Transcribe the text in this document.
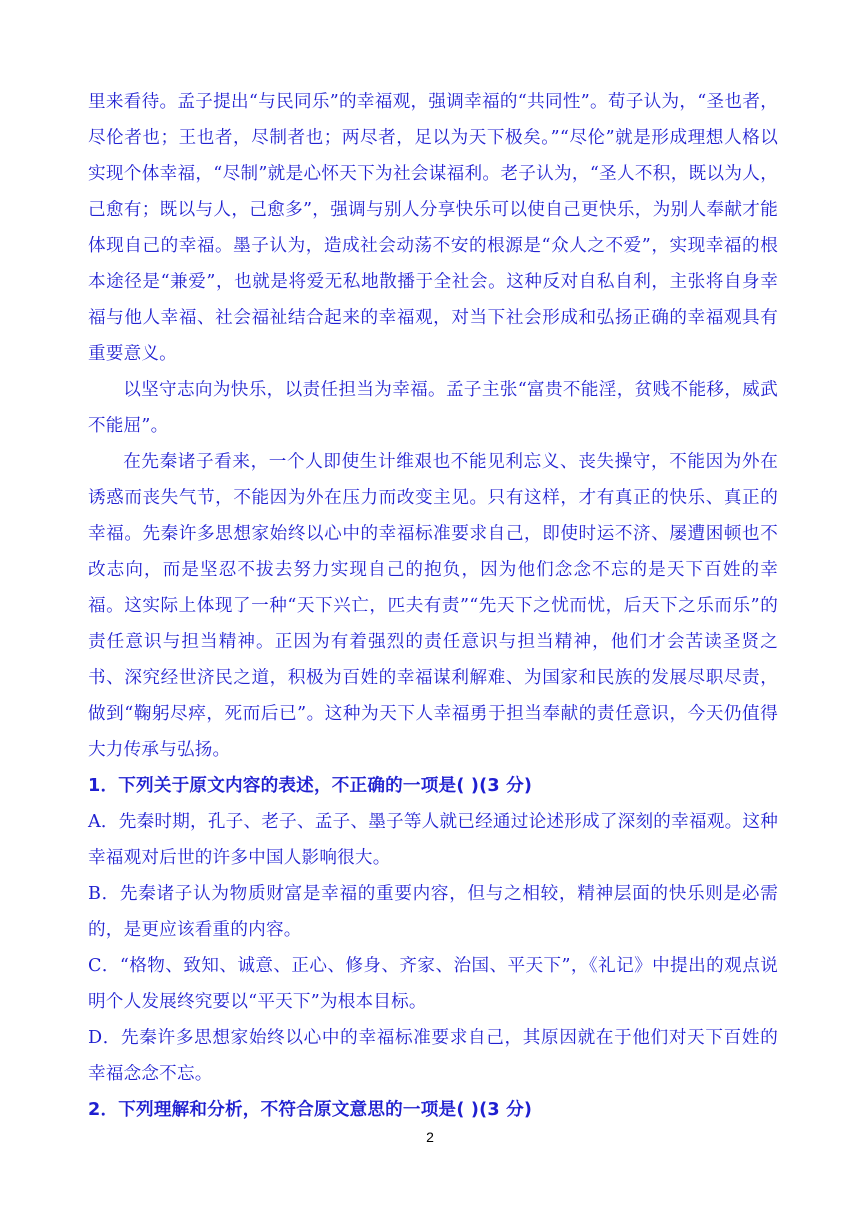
里来看待。孟子提出“与民同乐”的幸福观，强调幸福的“共同性”。荀子认为，“圣也者，尽伦者也；王也者，尽制者也；两尽者，足以为天下极矣。”“尽伦”就是形成理想人格以实现个体幸福，“尽制”就是心怀天下为社会谋福利。老子认为，“圣人不积，既以为人，己愈有；既以与人，己愈多”，强调与别人分享快乐可以使自己更快乐，为别人奉献才能体现自己的幸福。墨子认为，造成社会动荡不安的根源是“众人之不爱”，实现幸福的根本途径是“兼爱”，也就是将爱无私地散播于全社会。这种反对自私自利，主张将自身幸福与他人幸福、社会福祉结合起来的幸福观，对当下社会形成和弘扬正确的幸福观具有重要意义。

以坚守志向为快乐，以责任担当为幸福。孟子主张“富贵不能淫，贫贱不能移，威武不能屈”。

在先秦诸子看来，一个人即使生计维艰也不能见利忘义、丧失操守，不能因为外在诱惑而丧失气节，不能因为外在压力而改变主见。只有这样，才有真正的快乐、真正的幸福。先秦许多思想家始终以心中的幸福标准要求自己，即使时运不济、屡遭困顿也不改志向，而是坚忍不拔去努力实现自己的抱负，因为他们念念不忘的是天下百姓的幸福。这实际上体现了一种“天下兴亡，匹夫有责”“先天下之忧而忧，后天下之乐而乐”的责任意识与担当精神。正因为有着强烈的责任意识与担当精神，他们才会苦读圣贤之书、深究经世济民之道，积极为百姓的幸福谋利解难、为国家和民族的发展尽职尽责，做到“鞠躬尽瘁，死而后已”。这种为天下人幸福勇于担当奉献的责任意识，今天仍值得大力传承与弘扬。

1．下列关于原文内容的表述，不正确的一项是( )(3 分)

A．先秦时期，孔子、老子、孟子、墨子等人就已经通过论述形成了深刻的幸福观。这种幸福观对后世的许多中国人影响很大。

B．先秦诸子认为物质财富是幸福的重要内容，但与之相较，精神层面的快乐则是必需的，是更应该看重的内容。

C．“格物、致知、诚意、正心、修身、齐家、治国、平天下”，《礼记》中提出的观点说明个人发展终究要以“平天下”为根本目标。

D．先秦许多思想家始终以心中的幸福标准要求自己，其原因就在于他们对天下百姓的幸福念念不忘。

2．下列理解和分析，不符合原文意思的一项是( )(3 分)

2
